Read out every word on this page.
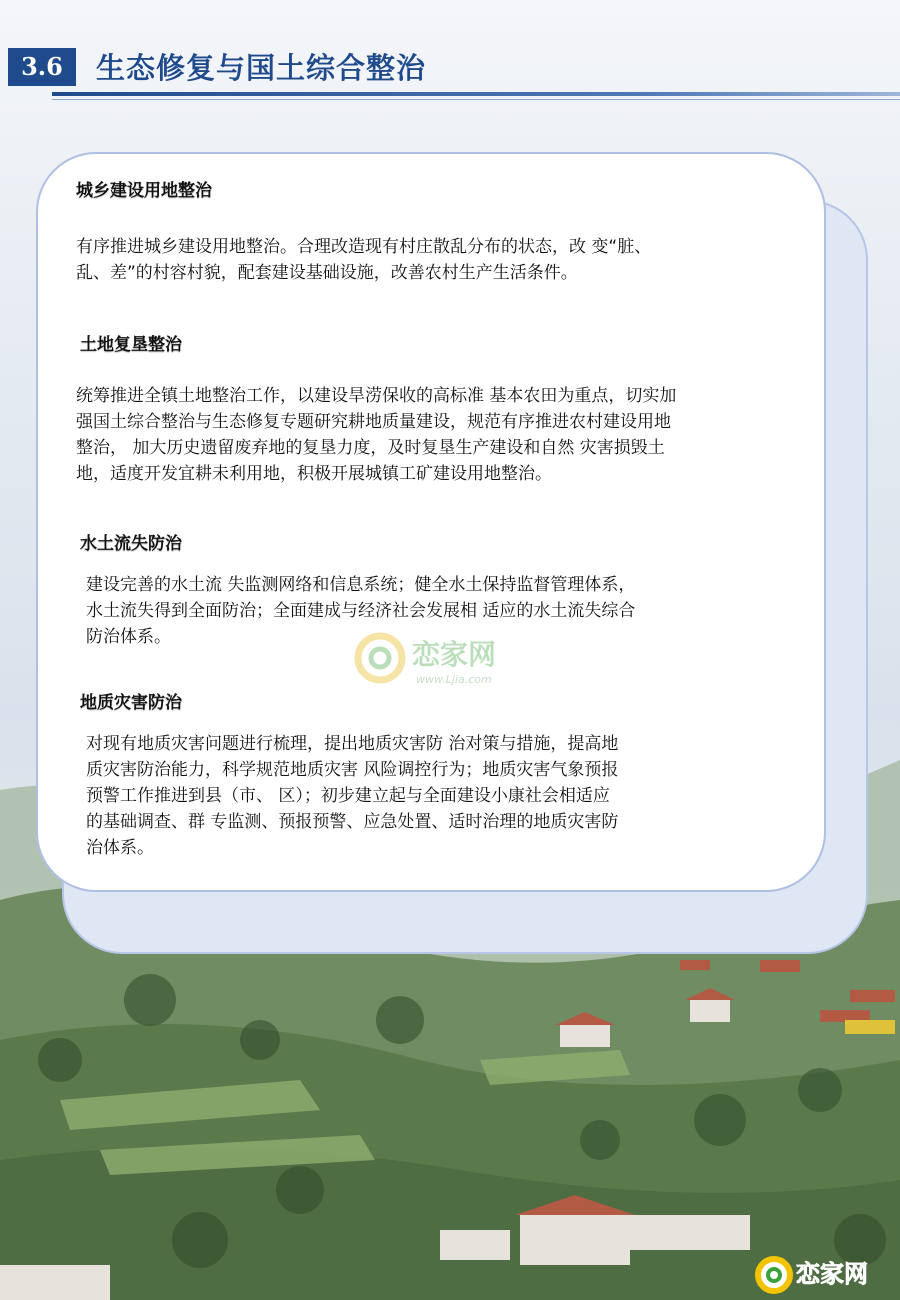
3.6	生态修复与国土综合整治
城乡建设用地整治
有序推进城乡建设用地整治。合理改造现有村庄散乱分布的状态，改 变“脏、
乱、差”的村容村貌，配套建设基础设施，改善农村生产生活条件。
土地复垦整治
统筹推进全镇土地整治工作，以建设旱涝保收的高标准 基本农田为重点，切实加
强国土综合整治与生态修复专题研究耕地质量建设，规范有序推进农村建设用地
整治， 加大历史遗留废弃地的复垦力度，及时复垦生产建设和自然 灾害损毁土
地，适度开发宜耕未利用地，积极开展城镇工矿建设用地整治。
水土流失防治
建设完善的水土流 失监测网络和信息系统；健全水土保持监督管理体系，
水土流失得到全面防治；全面建成与经济社会发展相 适应的水土流失综合
防治体系。
恋家网
www.Ljia.com
地质灾害防治
对现有地质灾害问题进行梳理，提出地质灾害防 治对策与措施，提高地
质灾害防治能力，科学规范地质灾害 风险调控行为；地质灾害气象预报
预警工作推进到县（市、 区）；初步建立起与全面建设小康社会相适应
的基础调查、群 专监测、预报预警、应急处置、适时治理的地质灾害防
治体系。
恋家网
